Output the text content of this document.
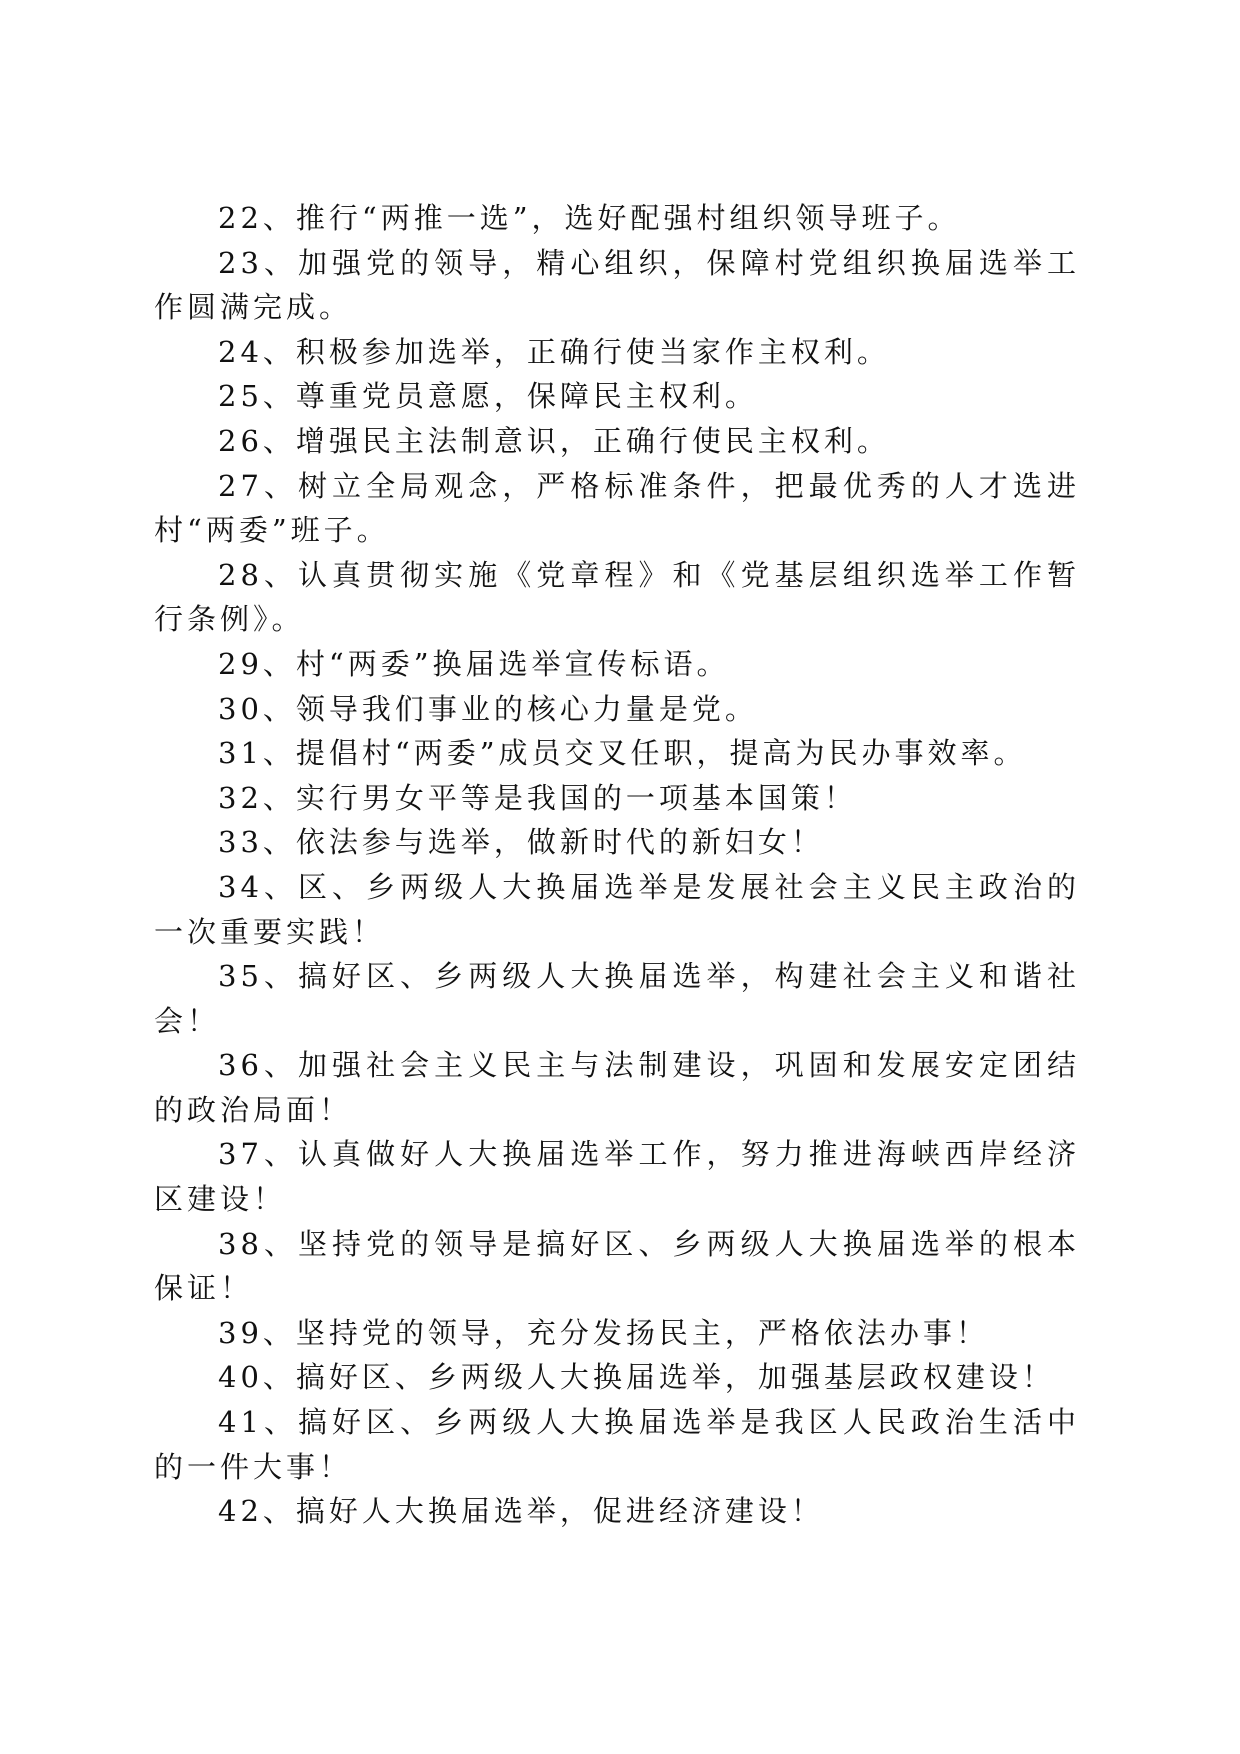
22、推行“两推一选”，选好配强村组织领导班子。

23、加强党的领导，精心组织，保障村党组织换届选举工作圆满完成。

24、积极参加选举，正确行使当家作主权利。

25、尊重党员意愿，保障民主权利。

26、增强民主法制意识，正确行使民主权利。

27、树立全局观念，严格标准条件，把最优秀的人才选进村“两委”班子。

28、认真贯彻实施《党章程》和《党基层组织选举工作暂行条例》。

29、村“两委”换届选举宣传标语。

30、领导我们事业的核心力量是党。

31、提倡村“两委”成员交叉任职，提高为民办事效率。

32、实行男女平等是我国的一项基本国策！

33、依法参与选举，做新时代的新妇女！

34、区、乡两级人大换届选举是发展社会主义民主政治的一次重要实践！

35、搞好区、乡两级人大换届选举，构建社会主义和谐社会！

36、加强社会主义民主与法制建设，巩固和发展安定团结的政治局面！

37、认真做好人大换届选举工作，努力推进海峡西岸经济区建设！

38、坚持党的领导是搞好区、乡两级人大换届选举的根本保证！

39、坚持党的领导，充分发扬民主，严格依法办事！

40、搞好区、乡两级人大换届选举，加强基层政权建设！

41、搞好区、乡两级人大换届选举是我区人民政治生活中的一件大事！

42、搞好人大换届选举，促进经济建设！
